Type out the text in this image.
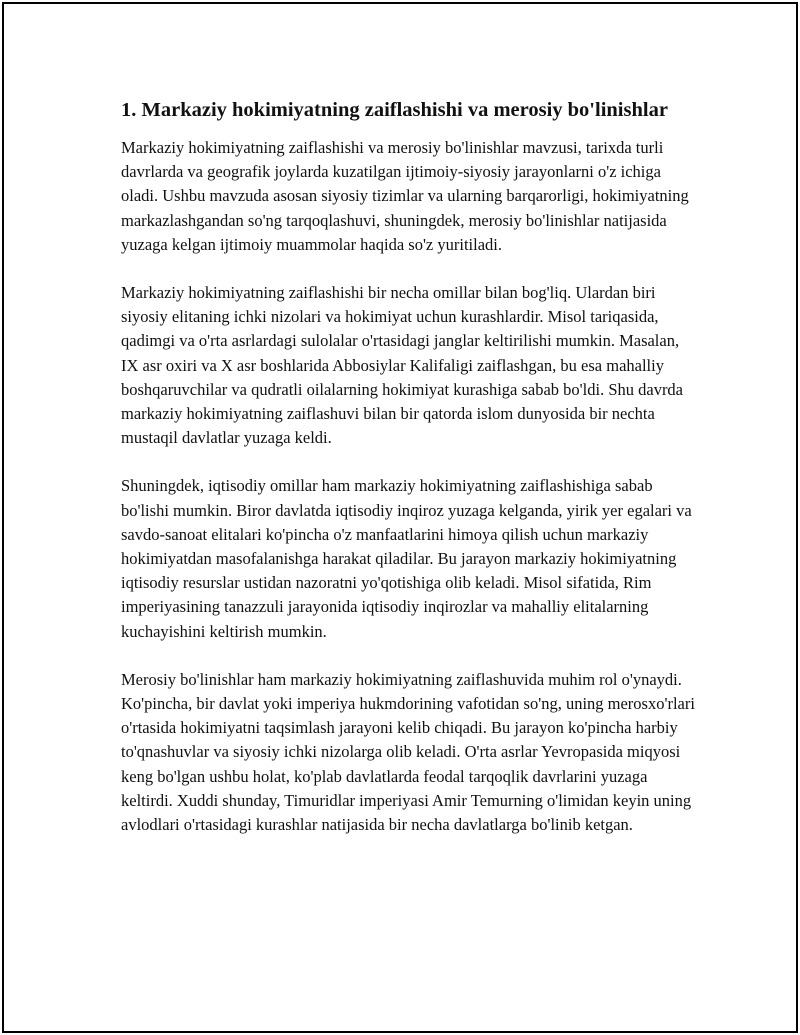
1. Markaziy hokimiyatning zaiflashishi va merosiy bo'linishlar

Markaziy hokimiyatning zaiflashishi va merosiy bo'linishlar mavzusi, tarixda turli davrlarda va geografik joylarda kuzatilgan ijtimoiy-siyosiy jarayonlarni o'z ichiga oladi. Ushbu mavzuda asosan siyosiy tizimlar va ularning barqarorligi, hokimiyatning markazlashgandan so'ng tarqoqlashuvi, shuningdek, merosiy bo'linishlar natijasida yuzaga kelgan ijtimoiy muammolar haqida so'z yuritiladi.

Markaziy hokimiyatning zaiflashishi bir necha omillar bilan bog'liq. Ulardan biri siyosiy elitaning ichki nizolari va hokimiyat uchun kurashlardir. Misol tariqasida, qadimgi va o'rta asrlardagi sulolalar o'rtasidagi janglar keltirilishi mumkin. Masalan, IX asr oxiri va X asr boshlarida Abbosiylar Kalifaligi zaiflashgan, bu esa mahalliy boshqaruvchilar va qudratli oilalarning hokimiyat kurashiga sabab bo'ldi. Shu davrda markaziy hokimiyatning zaiflashuvi bilan bir qatorda islom dunyosida bir nechta mustaqil davlatlar yuzaga keldi.

Shuningdek, iqtisodiy omillar ham markaziy hokimiyatning zaiflashishiga sabab bo'lishi mumkin. Biror davlatda iqtisodiy inqiroz yuzaga kelganda, yirik yer egalari va savdo-sanoat elitalari ko'pincha o'z manfaatlarini himoya qilish uchun markaziy hokimiyatdan masofalanishga harakat qiladilar. Bu jarayon markaziy hokimiyatning iqtisodiy resurslar ustidan nazoratni yo'qotishiga olib keladi. Misol sifatida, Rim imperiyasining tanazzuli jarayonida iqtisodiy inqirozlar va mahalliy elitalarning kuchayishini keltirish mumkin.

Merosiy bo'linishlar ham markaziy hokimiyatning zaiflashuvida muhim rol o'ynaydi. Ko'pincha, bir davlat yoki imperiya hukmdorining vafotidan so'ng, uning merosxo'rlari o'rtasida hokimiyatni taqsimlash jarayoni kelib chiqadi. Bu jarayon ko'pincha harbiy to'qnashuvlar va siyosiy ichki nizolarga olib keladi. O'rta asrlar Yevropasida miqyosi keng bo'lgan ushbu holat, ko'plab davlatlarda feodal tarqoqlik davrlarini yuzaga keltirdi. Xuddi shunday, Timuridlar imperiyasi Amir Temurning o'limidan keyin uning avlodlari o'rtasidagi kurashlar natijasida bir necha davlatlarga bo'linib ketgan.
